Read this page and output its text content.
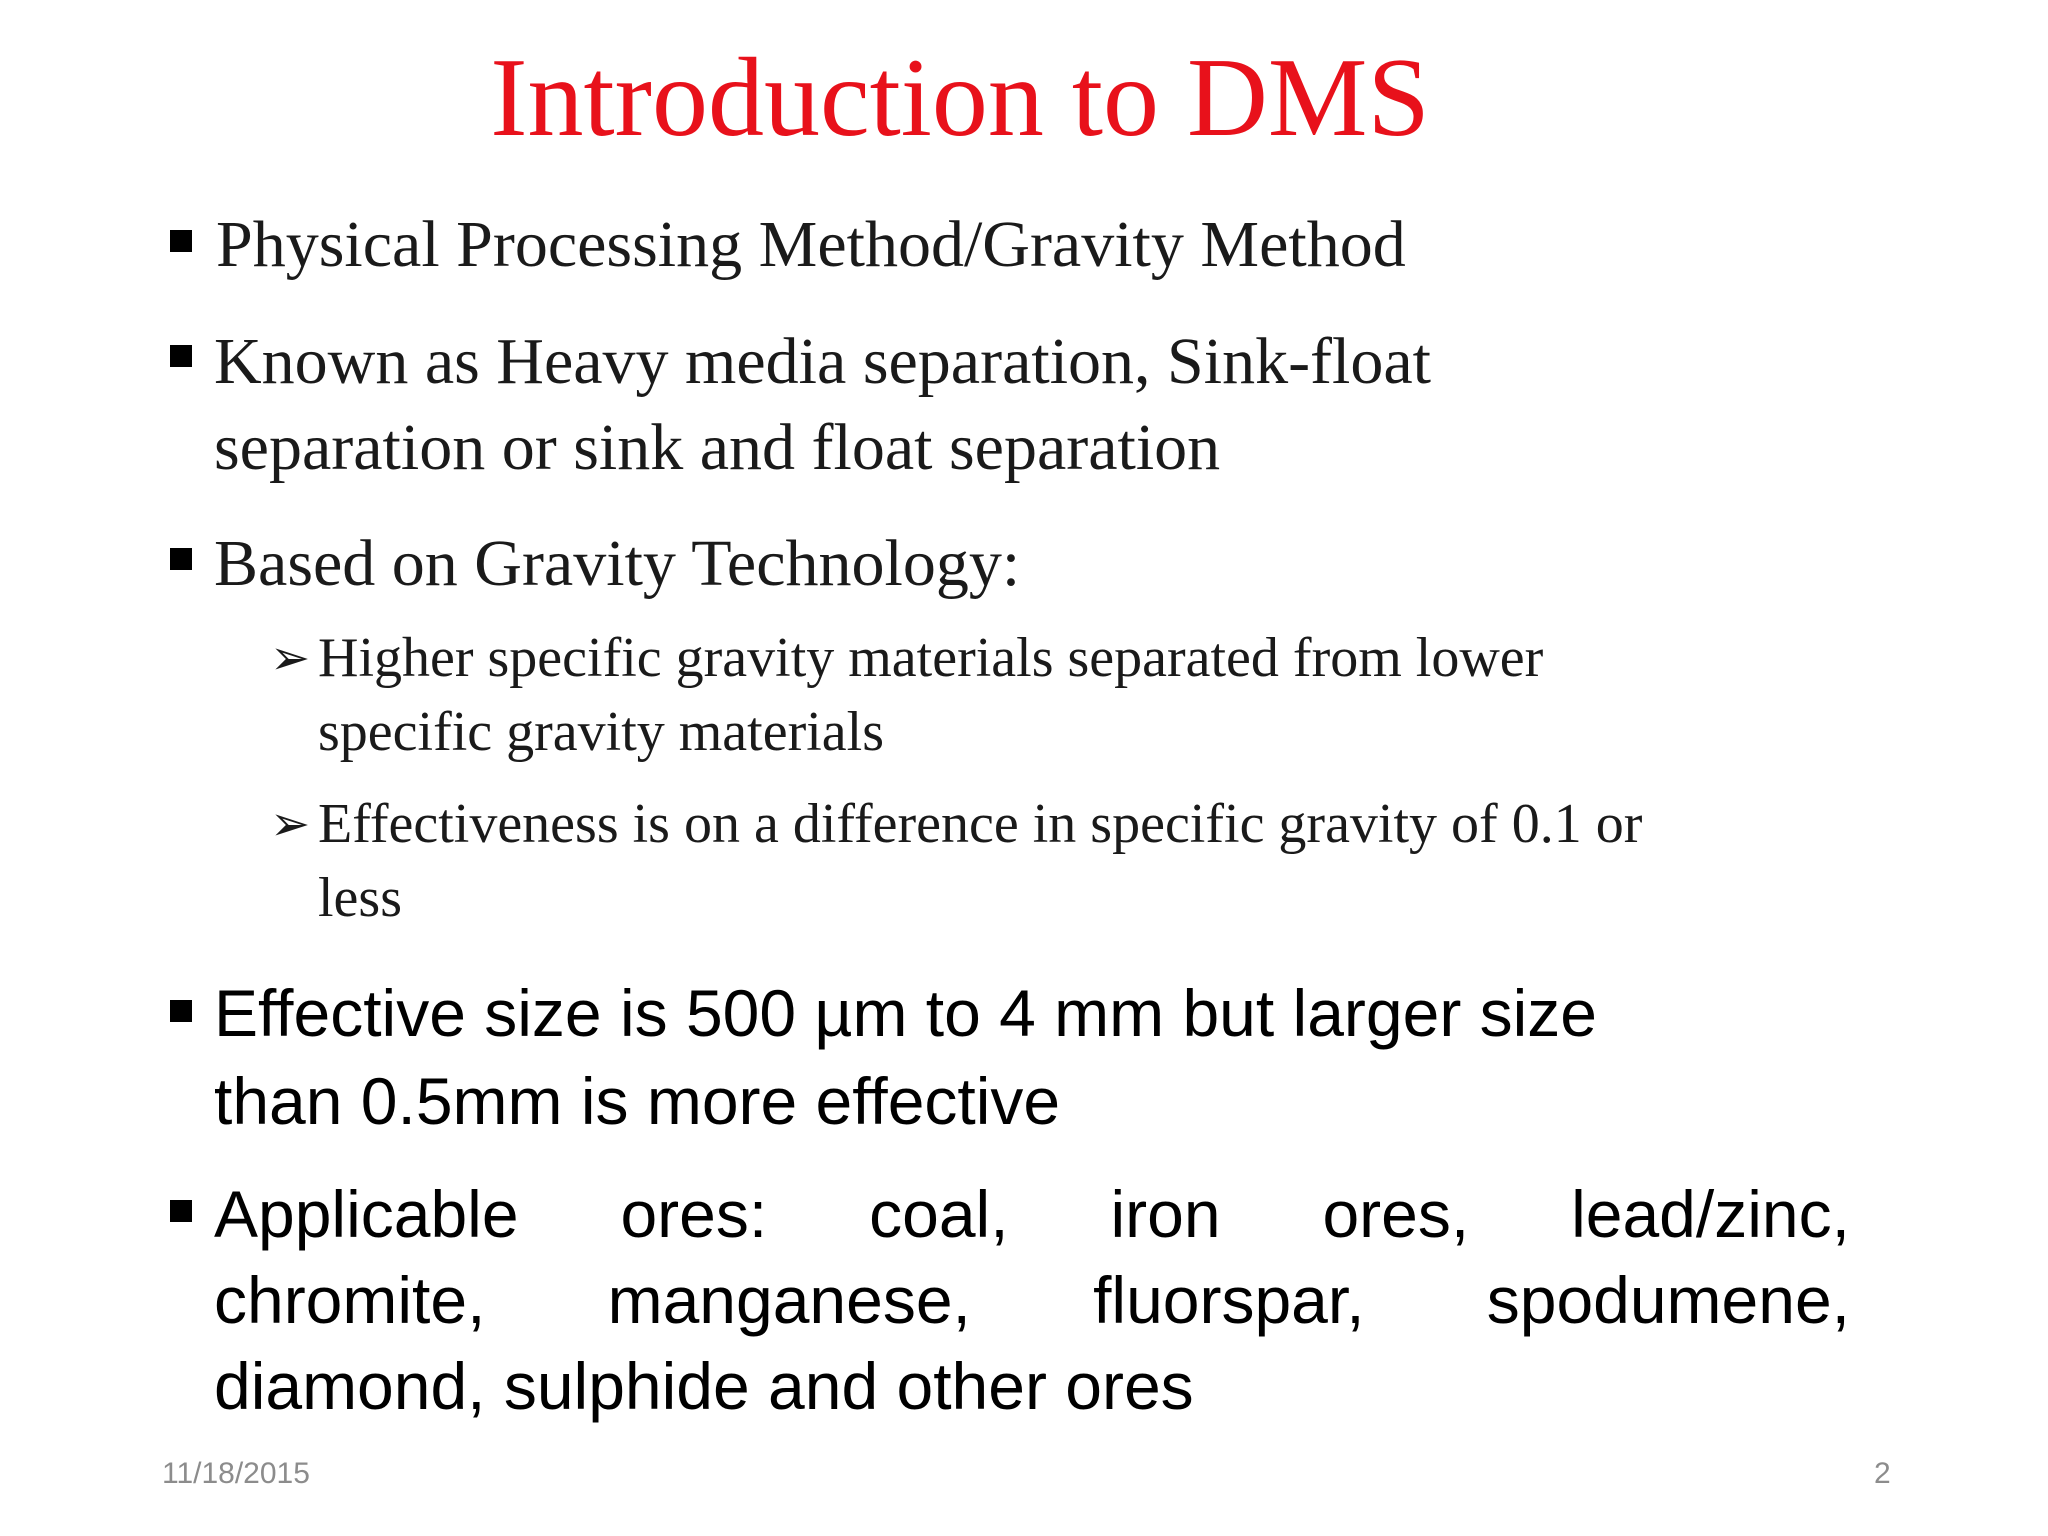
Introduction to DMS
Physical Processing Method/Gravity Method
Known as Heavy media separation, Sink-float
separation or sink and float separation
Based on Gravity Technology:
➢ Higher specific gravity materials separated from lower
specific gravity materials
➢ Effectiveness is on a difference in specific gravity of 0.1 or
less
Effective size is 500 µm to 4 mm but larger size
than 0.5mm is more effective
Applicable ores: coal, iron ores, lead/zinc,
chromite, manganese, fluorspar, spodumene,
diamond, sulphide and other ores
11/18/2015	2
